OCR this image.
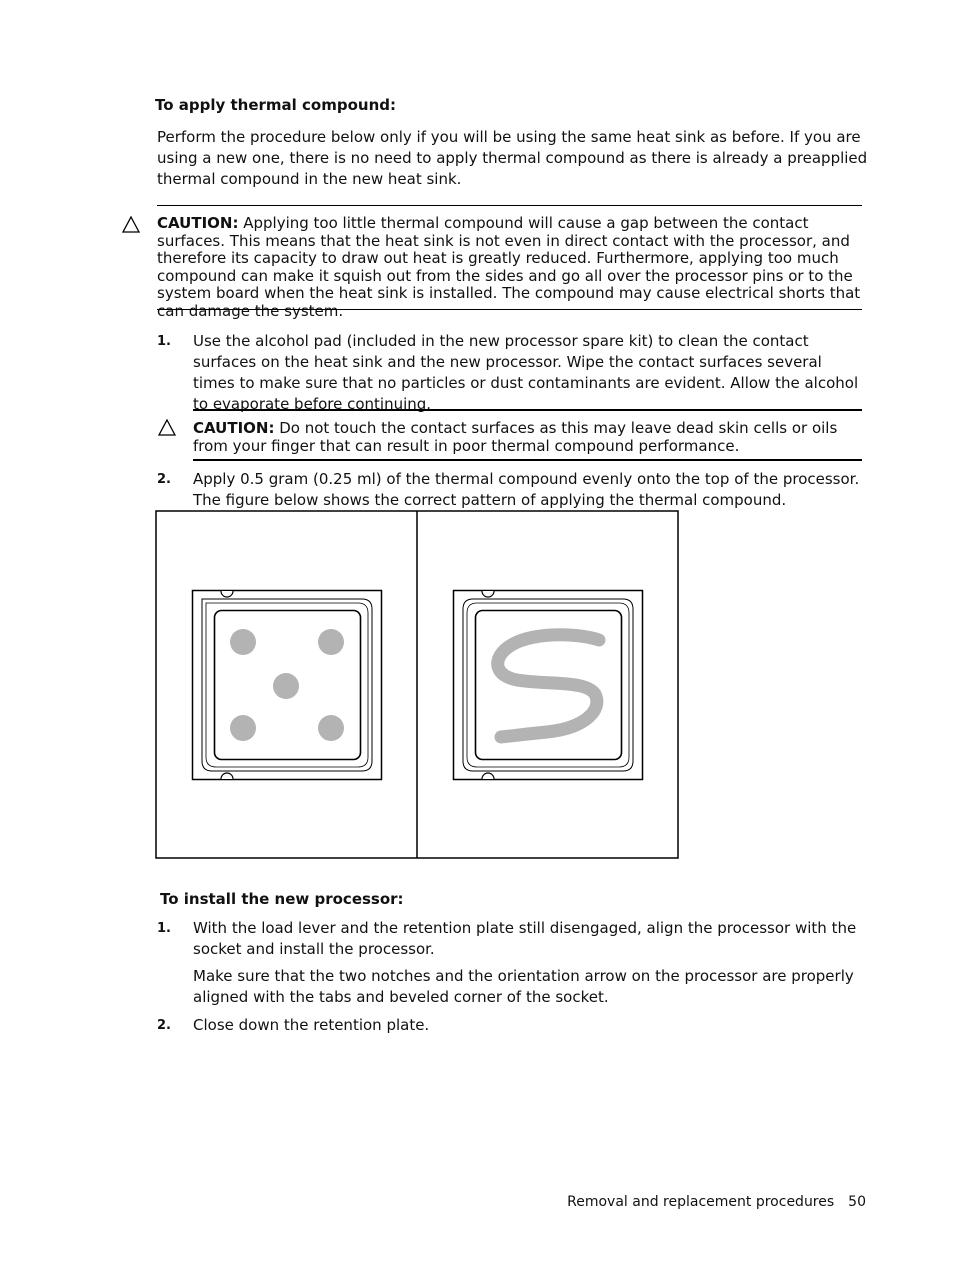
To apply thermal compound:
Perform the procedure below only if you will be using the same heat sink as before. If you are using a new one, there is no need to apply thermal compound as there is already a preapplied thermal compound in the new heat sink.
CAUTION: Applying too little thermal compound will cause a gap between the contact surfaces. This means that the heat sink is not even in direct contact with the processor, and therefore its capacity to draw out heat is greatly reduced. Furthermore, applying too much compound can make it squish out from the sides and go all over the processor pins or to the system board when the heat sink is installed. The compound may cause electrical shorts that can damage the system.
1. Use the alcohol pad (included in the new processor spare kit) to clean the contact surfaces on the heat sink and the new processor. Wipe the contact surfaces several times to make sure that no particles or dust contaminants are evident. Allow the alcohol to evaporate before continuing.
CAUTION: Do not touch the contact surfaces as this may leave dead skin cells or oils from your finger that can result in poor thermal compound performance.
2. Apply 0.5 gram (0.25 ml) of the thermal compound evenly onto the top of the processor. The figure below shows the correct pattern of applying the thermal compound.
To install the new processor:
1. With the load lever and the retention plate still disengaged, align the processor with the socket and install the processor.
Make sure that the two notches and the orientation arrow on the processor are properly aligned with the tabs and beveled corner of the socket.
2. Close down the retention plate.
Removal and replacement procedures 50
